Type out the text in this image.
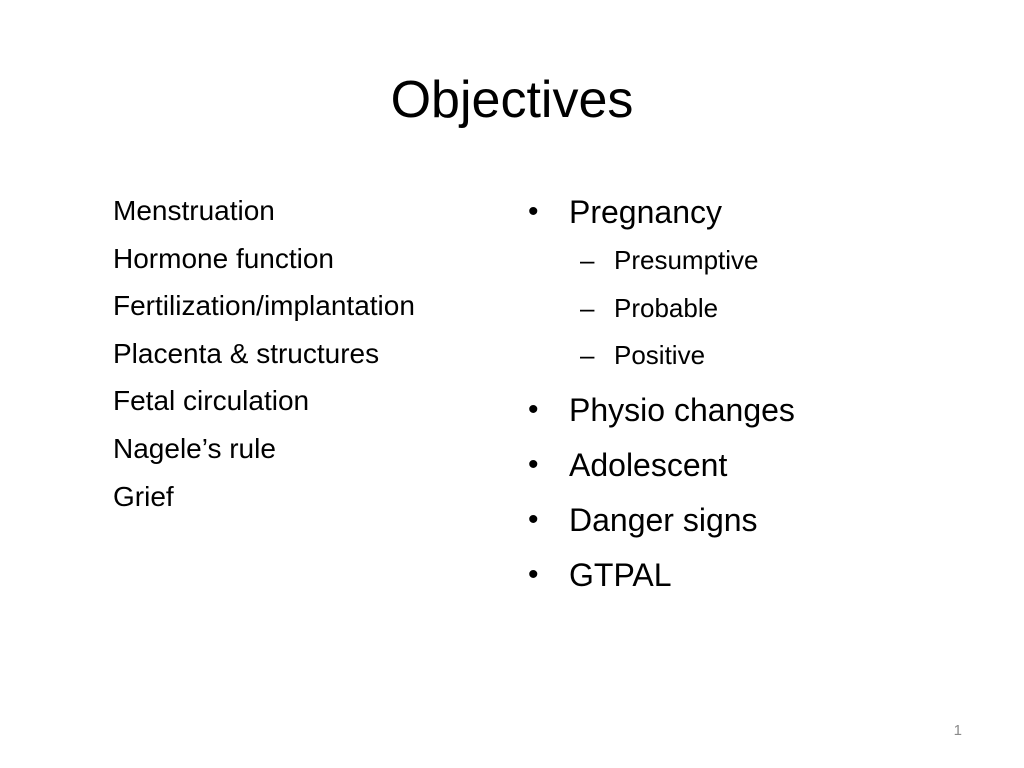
Objectives
Menstruation
Hormone function
Fertilization/implantation
Placenta & structures
Fetal circulation
Nagele’s rule
Grief
• Pregnancy
– Presumptive
– Probable
– Positive
• Physio changes
• Adolescent
• Danger signs
• GTPAL
1
